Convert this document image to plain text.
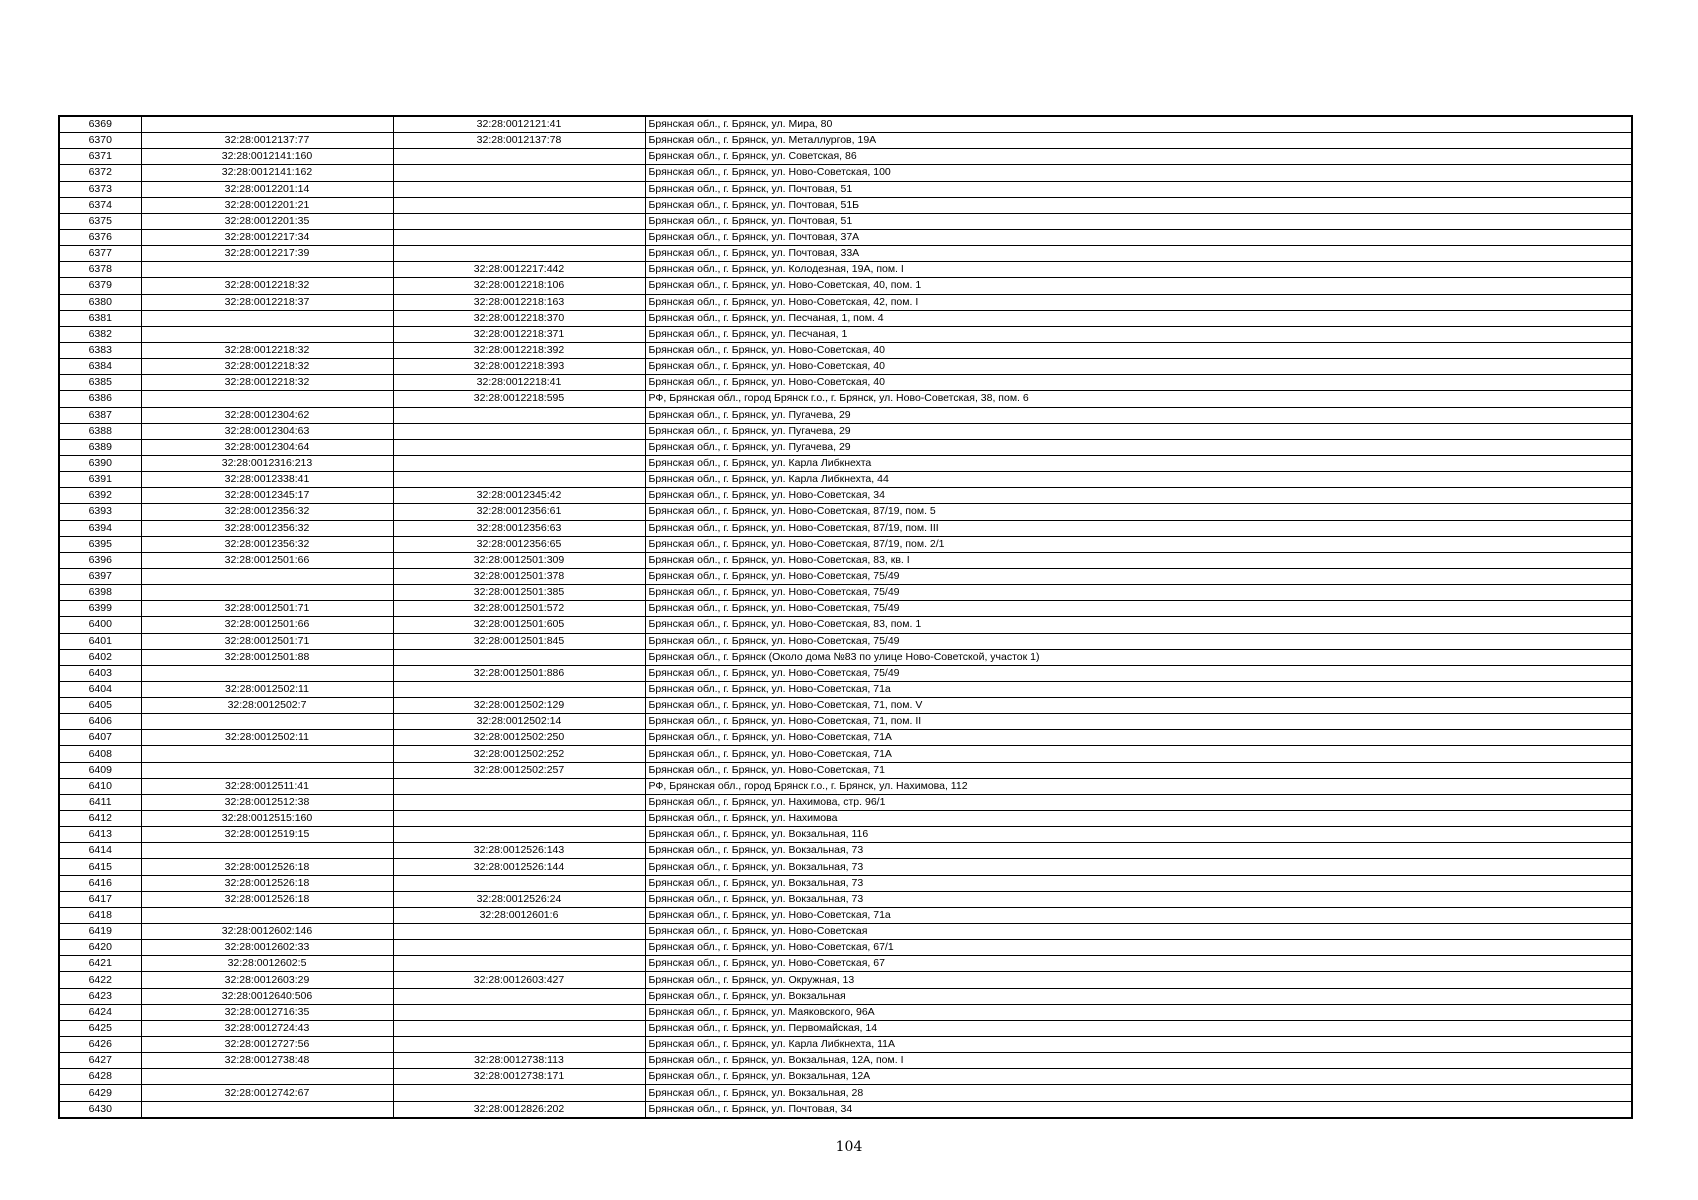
6369		32:28:0012121:41	Брянская обл., г. Брянск, ул. Мира, 80
6370	32:28:0012137:77	32:28:0012137:78	Брянская обл., г. Брянск, ул. Металлургов, 19А
6371	32:28:0012141:160		Брянская обл., г. Брянск, ул. Советская, 86
6372	32:28:0012141:162		Брянская обл., г. Брянск, ул. Ново-Советская, 100
6373	32:28:0012201:14		Брянская обл., г. Брянск, ул. Почтовая, 51
6374	32:28:0012201:21		Брянская обл., г. Брянск, ул. Почтовая, 51Б
6375	32:28:0012201:35		Брянская обл., г. Брянск, ул. Почтовая, 51
6376	32:28:0012217:34		Брянская обл., г. Брянск, ул. Почтовая, 37А
6377	32:28:0012217:39		Брянская обл., г. Брянск, ул. Почтовая, 33А
6378		32:28:0012217:442	Брянская обл., г. Брянск, ул. Колодезная, 19А, пом. I
6379	32:28:0012218:32	32:28:0012218:106	Брянская обл., г. Брянск, ул. Ново-Советская, 40, пом. 1
6380	32:28:0012218:37	32:28:0012218:163	Брянская обл., г. Брянск, ул. Ново-Советская, 42, пом. I
6381		32:28:0012218:370	Брянская обл., г. Брянск, ул. Песчаная, 1, пом. 4
6382		32:28:0012218:371	Брянская обл., г. Брянск, ул. Песчаная, 1
6383	32:28:0012218:32	32:28:0012218:392	Брянская обл., г. Брянск, ул. Ново-Советская, 40
6384	32:28:0012218:32	32:28:0012218:393	Брянская обл., г. Брянск, ул. Ново-Советская, 40
6385	32:28:0012218:32	32:28:0012218:41	Брянская обл., г. Брянск, ул. Ново-Советская, 40
6386		32:28:0012218:595	РФ, Брянская обл., город Брянск г.о., г. Брянск, ул. Ново-Советская, 38, пом. 6
6387	32:28:0012304:62		Брянская обл., г. Брянск, ул. Пугачева, 29
6388	32:28:0012304:63		Брянская обл., г. Брянск, ул. Пугачева, 29
6389	32:28:0012304:64		Брянская обл., г. Брянск, ул. Пугачева, 29
6390	32:28:0012316:213		Брянская обл., г. Брянск, ул. Карла Либкнехта
6391	32:28:0012338:41		Брянская обл., г. Брянск, ул. Карла Либкнехта, 44
6392	32:28:0012345:17	32:28:0012345:42	Брянская обл., г. Брянск, ул. Ново-Советская, 34
6393	32:28:0012356:32	32:28:0012356:61	Брянская обл., г. Брянск, ул. Ново-Советская, 87/19, пом. 5
6394	32:28:0012356:32	32:28:0012356:63	Брянская обл., г. Брянск, ул. Ново-Советская, 87/19, пом. III
6395	32:28:0012356:32	32:28:0012356:65	Брянская обл., г. Брянск, ул. Ново-Советская, 87/19, пом. 2/1
6396	32:28:0012501:66	32:28:0012501:309	Брянская обл., г. Брянск, ул. Ново-Советская, 83, кв. I
6397		32:28:0012501:378	Брянская обл., г. Брянск, ул. Ново-Советская, 75/49
6398		32:28:0012501:385	Брянская обл., г. Брянск, ул. Ново-Советская, 75/49
6399	32:28:0012501:71	32:28:0012501:572	Брянская обл., г. Брянск, ул. Ново-Советская, 75/49
6400	32:28:0012501:66	32:28:0012501:605	Брянская обл., г. Брянск, ул. Ново-Советская, 83, пом. 1
6401	32:28:0012501:71	32:28:0012501:845	Брянская обл., г. Брянск, ул. Ново-Советская, 75/49
6402	32:28:0012501:88		Брянская обл., г. Брянск (Около дома №83 по улице Ново-Советской, участок 1)
6403		32:28:0012501:886	Брянская обл., г. Брянск, ул. Ново-Советская, 75/49
6404	32:28:0012502:11		Брянская обл., г. Брянск, ул. Ново-Советская, 71а
6405	32:28:0012502:7	32:28:0012502:129	Брянская обл., г. Брянск, ул. Ново-Советская, 71, пом. V
6406		32:28:0012502:14	Брянская обл., г. Брянск, ул. Ново-Советская, 71, пом. II
6407	32:28:0012502:11	32:28:0012502:250	Брянская обл., г. Брянск, ул. Ново-Советская, 71А
6408		32:28:0012502:252	Брянская обл., г. Брянск, ул. Ново-Советская, 71А
6409		32:28:0012502:257	Брянская обл., г. Брянск, ул. Ново-Советская, 71
6410	32:28:0012511:41		РФ, Брянская обл., город Брянск г.о., г. Брянск, ул. Нахимова, 112
6411	32:28:0012512:38		Брянская обл., г. Брянск, ул. Нахимова, стр. 96/1
6412	32:28:0012515:160		Брянская обл., г. Брянск, ул. Нахимова
6413	32:28:0012519:15		Брянская обл., г. Брянск, ул. Вокзальная, 116
6414		32:28:0012526:143	Брянская обл., г. Брянск, ул. Вокзальная, 73
6415	32:28:0012526:18	32:28:0012526:144	Брянская обл., г. Брянск, ул. Вокзальная, 73
6416	32:28:0012526:18		Брянская обл., г. Брянск, ул. Вокзальная, 73
6417	32:28:0012526:18	32:28:0012526:24	Брянская обл., г. Брянск, ул. Вокзальная, 73
6418		32:28:0012601:6	Брянская обл., г. Брянск, ул. Ново-Советская, 71а
6419	32:28:0012602:146		Брянская обл., г. Брянск, ул. Ново-Советская
6420	32:28:0012602:33		Брянская обл., г. Брянск, ул. Ново-Советская, 67/1
6421	32:28:0012602:5		Брянская обл., г. Брянск, ул. Ново-Советская, 67
6422	32:28:0012603:29	32:28:0012603:427	Брянская обл., г. Брянск, ул. Окружная, 13
6423	32:28:0012640:506		Брянская обл., г. Брянск, ул. Вокзальная
6424	32:28:0012716:35		Брянская обл., г. Брянск, ул. Маяковского, 96А
6425	32:28:0012724:43		Брянская обл., г. Брянск, ул. Первомайская, 14
6426	32:28:0012727:56		Брянская обл., г. Брянск, ул. Карла Либкнехта, 11А
6427	32:28:0012738:48	32:28:0012738:113	Брянская обл., г. Брянск, ул. Вокзальная, 12А, пом. I
6428		32:28:0012738:171	Брянская обл., г. Брянск, ул. Вокзальная, 12А
6429	32:28:0012742:67		Брянская обл., г. Брянск, ул. Вокзальная, 28
6430		32:28:0012826:202	Брянская обл., г. Брянск, ул. Почтовая, 34
104
